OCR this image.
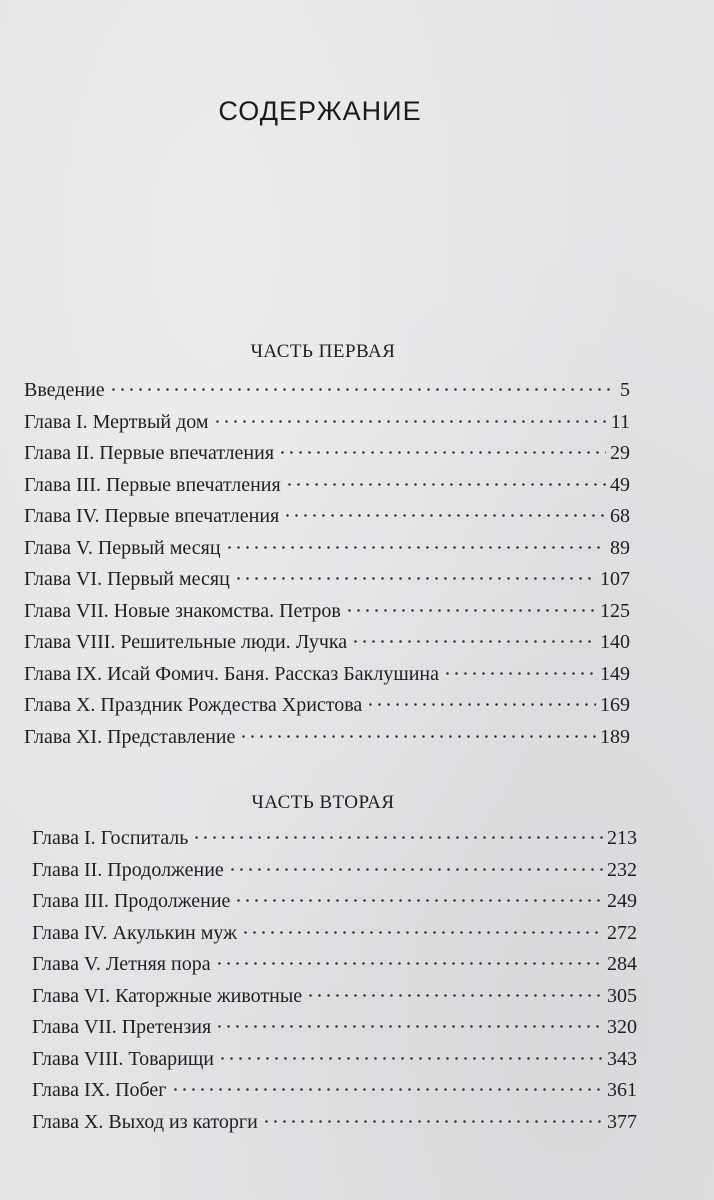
СОДЕРЖАНИЕ
ЧАСТЬ ПЕРВАЯ
Введение	5
Глава I. Мертвый дом	11
Глава II. Первые впечатления	29
Глава III. Первые впечатления	49
Глава IV. Первые впечатления	68
Глава V. Первый месяц	89
Глава VI. Первый месяц	107
Глава VII. Новые знакомства. Петров	125
Глава VIII. Решительные люди. Лучка	140
Глава IX. Исай Фомич. Баня. Рассказ Баклушина	149
Глава X. Праздник Рождества Христова	169
Глава XI. Представление	189
ЧАСТЬ ВТОРАЯ
Глава I. Госпиталь	213
Глава II. Продолжение	232
Глава III. Продолжение	249
Глава IV. Акулькин муж	272
Глава V. Летняя пора	284
Глава VI. Каторжные животные	305
Глава VII. Претензия	320
Глава VIII. Товарищи	343
Глава IX. Побег	361
Глава X. Выход из каторги	377
